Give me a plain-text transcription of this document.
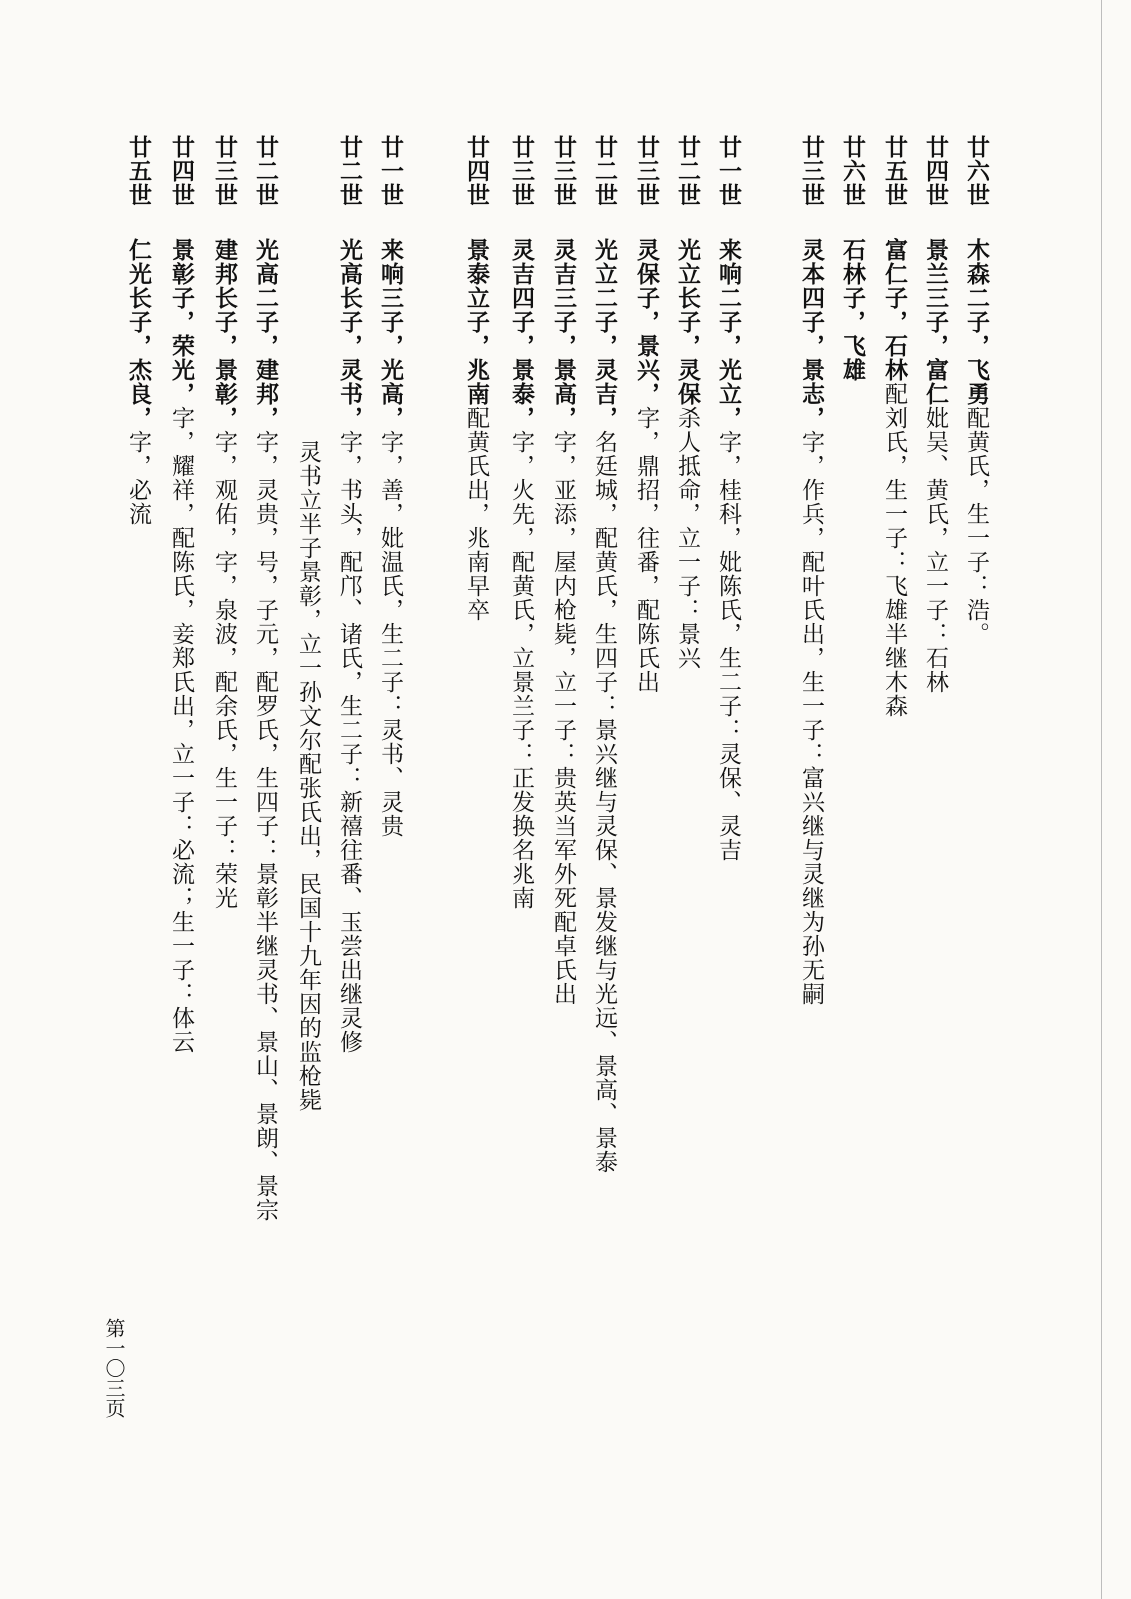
廿六世
木森二子，飞勇配黄氏，生一子：浩。
廿四世
景兰三子，富仁妣吴、黄氏，立一子：石林
廿五世
富仁子，石林配刘氏，生一子：飞雄半继木森
廿六世
石林子，飞雄
廿三世
灵本四子，景志，字，作兵，配叶氏出，生一子：富兴继与灵继为孙无嗣
廿一世
来响二子，光立，字，桂科，妣陈氏，生二子：灵保、灵吉
廿二世
光立长子，灵保杀人抵命，立一子：景兴
廿三世
灵保子，景兴，字，鼎招，往番，配陈氏出
廿二世
光立二子，灵吉，名廷城，配黄氏，生四子：景兴继与灵保、景发继与光远、景高、景泰
廿三世
灵吉三子，景高，字，亚添，屋内枪毙，立一子：贵英当军外死配卓氏出
廿三世
灵吉四子，景泰，字，火先，配黄氏，立景兰子：正发换名兆南
廿四世
景泰立子，兆南配黄氏出，兆南早卒
廿一世
来响三子，光高，字，善，妣温氏，生二子：灵书、灵贵
廿二世
光高长子，灵书，字，书头，配邝、诸氏，生二子：新禧往番、玉尝出继灵修
灵书立半子景彰，立一孙文尔配张氏出，民国十九年因的监枪毙
廿二世
光高二子，建邦，字，灵贵，号，子元，配罗氏，生四子：景彰半继灵书、景山、景朗、景宗
廿三世
建邦长子，景彰，字，观佑，字，泉波，配余氏，生一子：荣光
廿四世
景彰子，荣光，字，耀祥，配陈氏，妾郑氏出，立一子：必流；生一子：体云
廿五世
仁光长子，杰良，字，必流
第一〇三页
